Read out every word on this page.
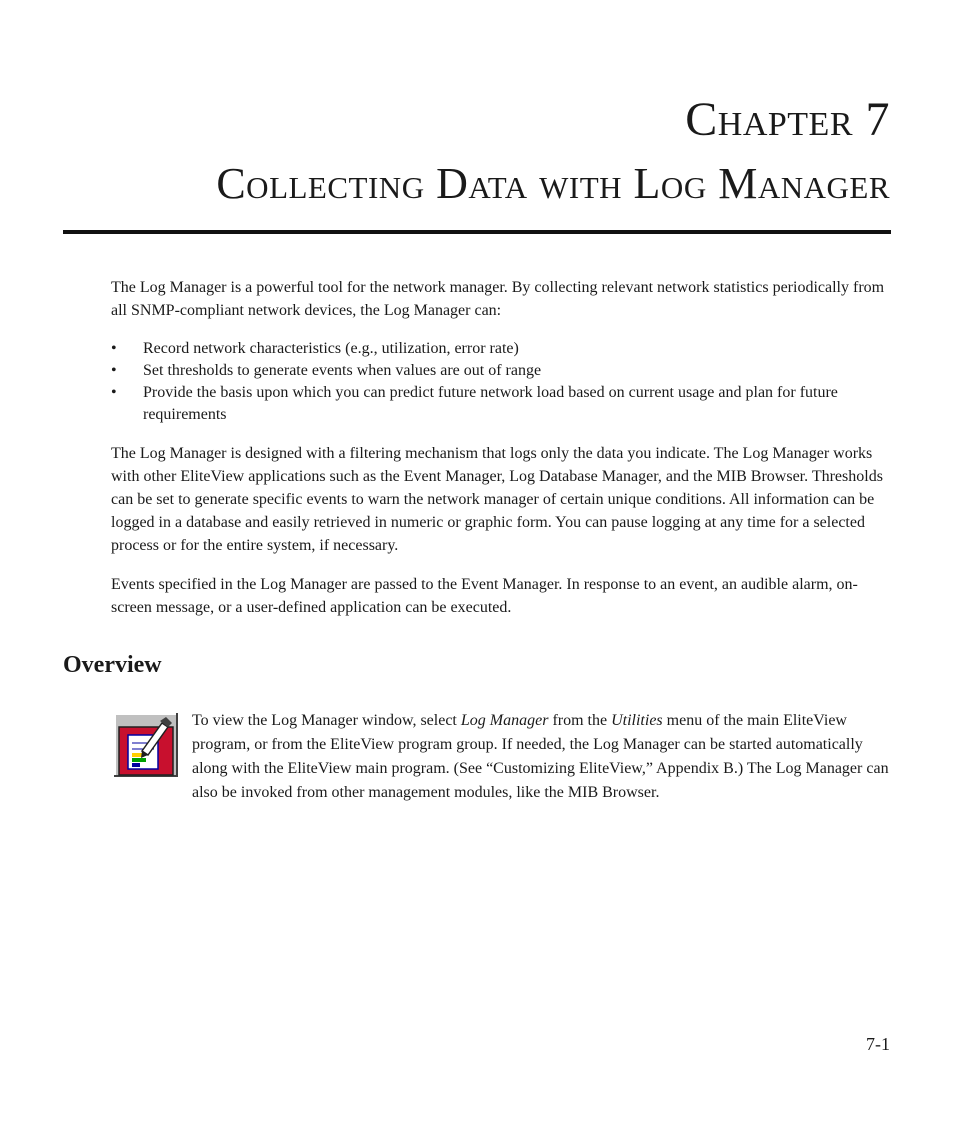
Chapter 7
Collecting Data with Log Manager

The Log Manager is a powerful tool for the network manager. By collecting relevant network statistics periodically from all SNMP-compliant network devices, the Log Manager can:

• Record network characteristics (e.g., utilization, error rate)
• Set thresholds to generate events when values are out of range
• Provide the basis upon which you can predict future network load based on current usage and plan for future requirements

The Log Manager is designed with a filtering mechanism that logs only the data you indicate. The Log Manager works with other EliteView applications such as the Event Manager, Log Database Manager, and the MIB Browser. Thresholds can be set to generate specific events to warn the network manager of certain unique conditions. All information can be logged in a database and easily retrieved in numeric or graphic form. You can pause logging at any time for a selected process or for the entire system, if necessary.

Events specified in the Log Manager are passed to the Event Manager. In response to an event, an audible alarm, on-screen message, or a user-defined application can be executed.

Overview

To view the Log Manager window, select Log Manager from the Utilities menu of the main EliteView program, or from the EliteView program group. If needed, the Log Manager can be started automatically along with the EliteView main program. (See “Customizing EliteView,” Appendix B.) The Log Manager can also be invoked from other management modules, like the MIB Browser.

7-1
